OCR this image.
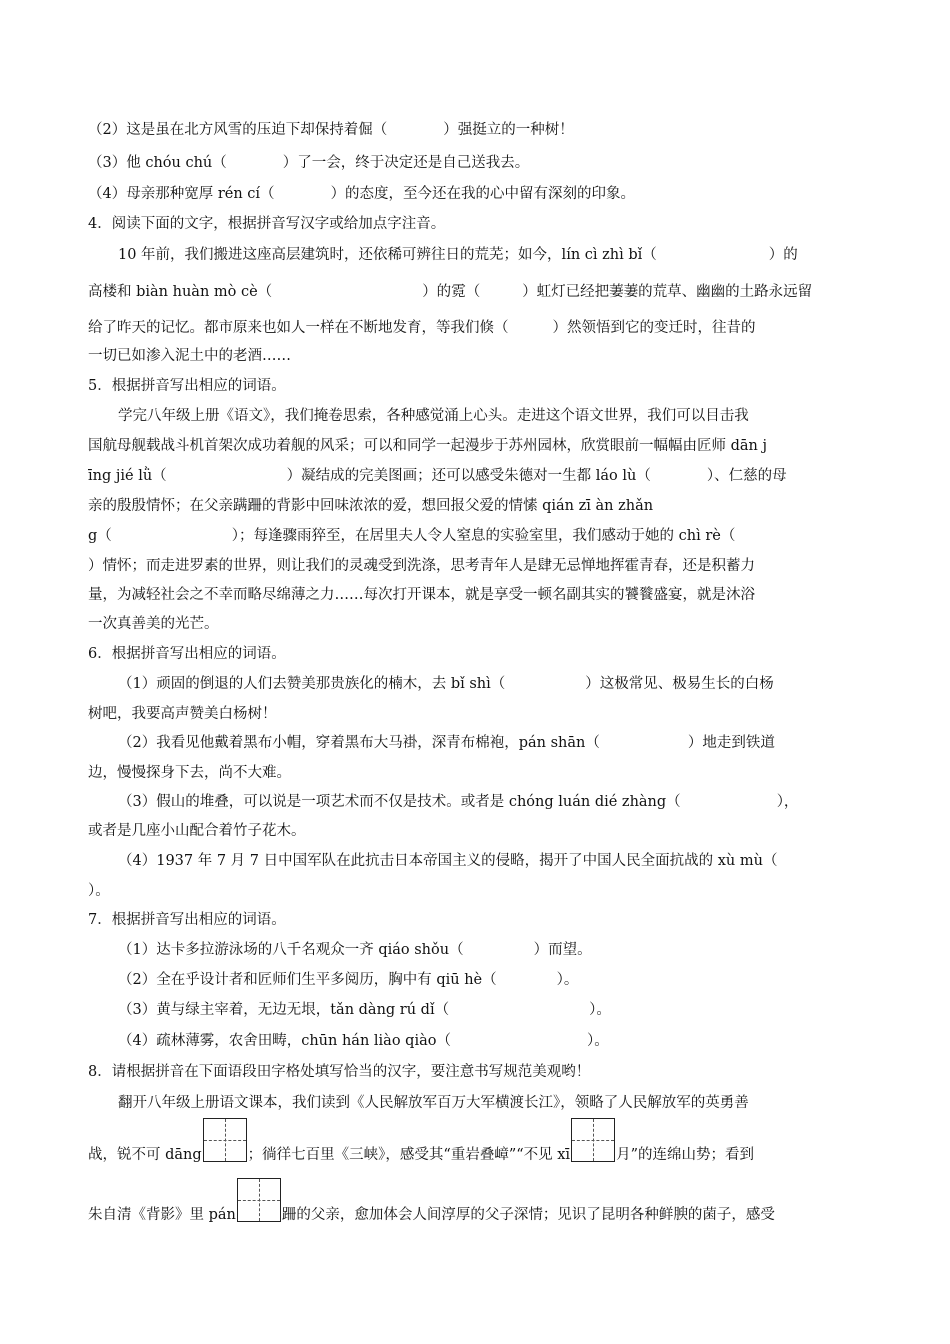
（2）这是虽在北方风雪的压迫下却保持着倔（	）强挺立的一种树！
（3）他 chóu chú（	）了一会，终于决定还是自己送我去。
（4）母亲那种宽厚 rén cí（	）的态度，至今还在我的心中留有深刻的印象。
4．阅读下面的文字，根据拼音写汉字或给加点字注音。
10 年前，我们搬进这座高层建筑时，还依稀可辨往日的荒芜；如今，lín cì zhì bǐ（	）的
高楼和 biàn huàn mò cè（	）的霓（	）虹灯已经把萋萋的荒草、幽幽的土路永远留
给了昨天的记忆。都市原来也如人一样在不断地发育，等我们倏（	）然领悟到它的变迁时，往昔的
一切已如渗入泥土中的老酒……
5．根据拼音写出相应的词语。
学完八年级上册《语文》，我们掩卷思索，各种感觉涌上心头。走进这个语文世界，我们可以目击我
国航母舰载战斗机首架次成功着舰的风采；可以和同学一起漫步于苏州园林，欣赏眼前一幅幅由匠师 dān j
īng jié lǜ（	）凝结成的完美图画；还可以感受朱德对一生都 láo lù（	）、仁慈的母
亲的殷殷情怀；在父亲蹒跚的背影中回味浓浓的爱，想回报父爱的情愫 qián zī àn zhǎn
g（	）；每逢骤雨猝至，在居里夫人令人窒息的实验室里，我们感动于她的 chì rè（
）情怀；而走进罗素的世界，则让我们的灵魂受到洗涤，思考青年人是肆无忌惮地挥霍青春，还是积蓄力
量，为减轻社会之不幸而略尽绵薄之力……每次打开课本，就是享受一顿名副其实的饕餮盛宴，就是沐浴
一次真善美的光芒。
6．根据拼音写出相应的词语。
（1）顽固的倒退的人们去赞美那贵族化的楠木，去 bǐ shì（	）这极常见、极易生长的白杨
树吧，我要高声赞美白杨树！
（2）我看见他戴着黑布小帽，穿着黑布大马褂，深青布棉袍，pán shān（	）地走到铁道
边，慢慢探身下去，尚不大难。
（3）假山的堆叠，可以说是一项艺术而不仅是技术。或者是 chóng luán dié zhàng（	），
或者是几座小山配合着竹子花木。
（4）1937 年 7 月 7 日中国军队在此抗击日本帝国主义的侵略，揭开了中国人民全面抗战的 xù mù（
）。
7．根据拼音写出相应的词语。
（1）达卡多拉游泳场的八千名观众一齐 qiáo shǒu（	）而望。
（2）全在乎设计者和匠师们生平多阅历，胸中有 qiū hè（	）。
（3）黄与绿主宰着，无边无垠，tǎn dàng rú dǐ（	）。
（4）疏林薄雾，农舍田畴，chūn hán liào qiào（	）。
8．请根据拼音在下面语段田字格处填写恰当的汉字，要注意书写规范美观哟！
翻开八年级上册语文课本，我们读到《人民解放军百万大军横渡长江》，领略了人民解放军的英勇善
战，锐不可 dāng	；徜徉七百里《三峡》，感受其“重岩叠嶂”“不见 xī	月”的连绵山势；看到
朱自清《背影》里 pán	跚的父亲，愈加体会人间淳厚的父子深情；见识了昆明各种鲜腴的菌子，感受
